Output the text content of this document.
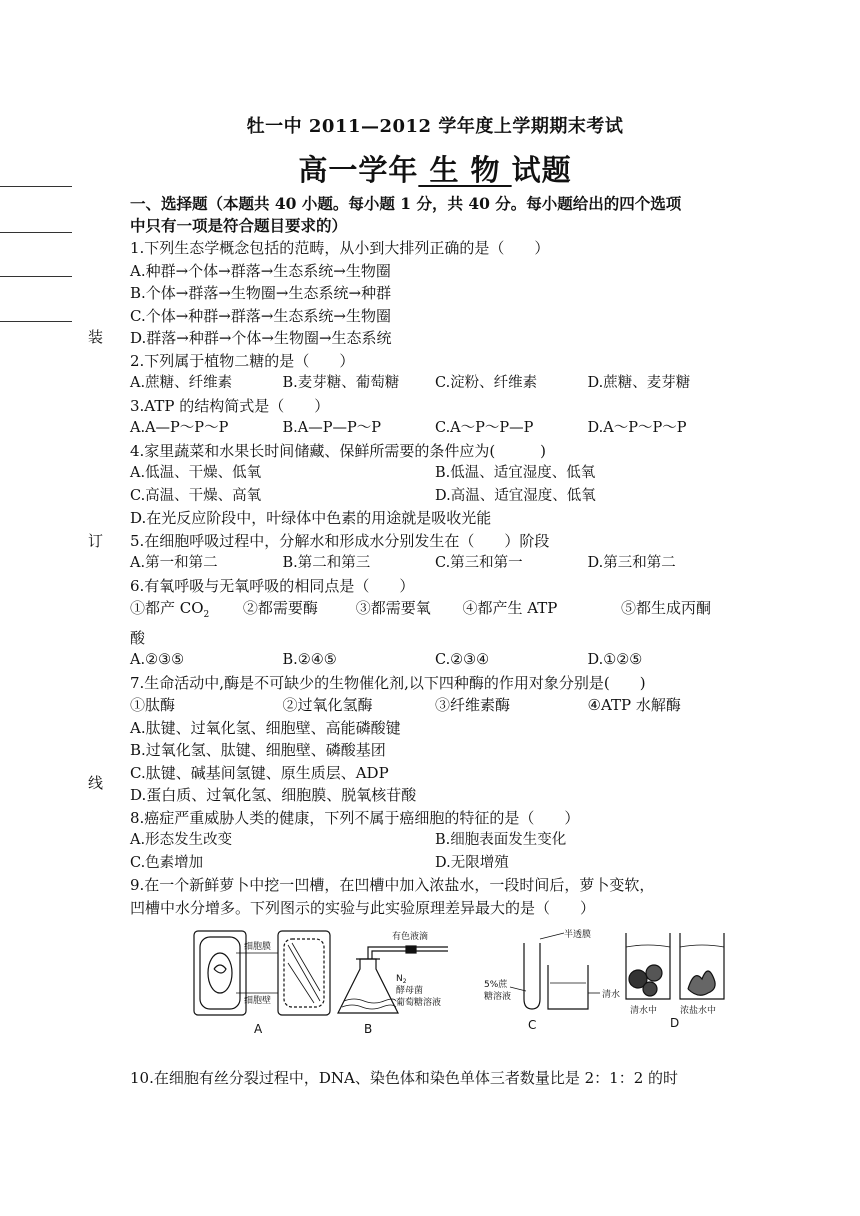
装
订
线
牡一中 2011—2012 学年度上学期期末考试
高一学年 生 物 试题
一、选择题（本题共 40 小题。每小题 1 分，共 40 分。每小题给出的四个选项
中只有一项是符合题目要求的）
1.下列生态学概念包括的范畴，从小到大排列正确的是（　　）
A.种群→个体→群落→生态系统→生物圈
B.个体→群落→生物圈→生态系统→种群
C.个体→种群→群落→生态系统→生物圈
D.群落→种群→个体→生物圈→生态系统
2.下列属于植物二糖的是（　　）
A.蔗糖、纤维素	B.麦芽糖、葡萄糖	C.淀粉、纤维素	D.蔗糖、麦芽糖
3.ATP 的结构简式是（　　）
A.A—P～P～P	B.A—P—P～P	C.A～P～P—P	D.A～P～P～P
4.家里蔬菜和水果长时间储藏、保鲜所需要的条件应为(　　　)
A.低温、干燥、低氧	B.低温、适宜湿度、低氧
C.高温、干燥、高氧	D.高温、适宜湿度、低氧
D.在光反应阶段中，叶绿体中色素的用途就是吸收光能
5.在细胞呼吸过程中，分解水和形成水分别发生在（　　）阶段
A.第一和第二	B.第二和第三	C.第三和第一	D.第三和第二
6.有氧呼吸与无氧呼吸的相同点是（　　）
①都产 $CO_2$	②都需要酶	③都需要氧	④都产生 ATP	⑤都生成丙酮
酸
A.②③⑤	B.②④⑤	C.②③④	D.①②⑤
7.生命活动中,酶是不可缺少的生物催化剂,以下四种酶的作用对象分别是(　　)
①肽酶	②过氧化氢酶	③纤维素酶	④ATP 水解酶
A.肽键、过氧化氢、细胞壁、高能磷酸键
B.过氧化氢、肽键、细胞壁、磷酸基团
C.肽键、碱基间氢键、原生质层、ADP
D.蛋白质、过氧化氢、细胞膜、脱氧核苷酸
8.癌症严重威胁人类的健康，下列不属于癌细胞的特征的是（　　）
A.形态发生改变	B.细胞表面发生变化
C.色素增加	D.无限增殖
9.在一个新鲜萝卜中挖一凹槽，在凹槽中加入浓盐水，一段时间后，萝卜变软，
凹槽中水分增多。下列图示的实验与此实验原理差异最大的是（　　）
细胞膜
细胞壁
A
有色液滴
$N_2$
酵母菌
葡萄糖溶液
B
半透膜
5%蔗
糖溶液	清水
C
清水中	浓盐水中
D
10.在细胞有丝分裂过程中，DNA、染色体和染色单体三者数量比是 2：1：2 的时
